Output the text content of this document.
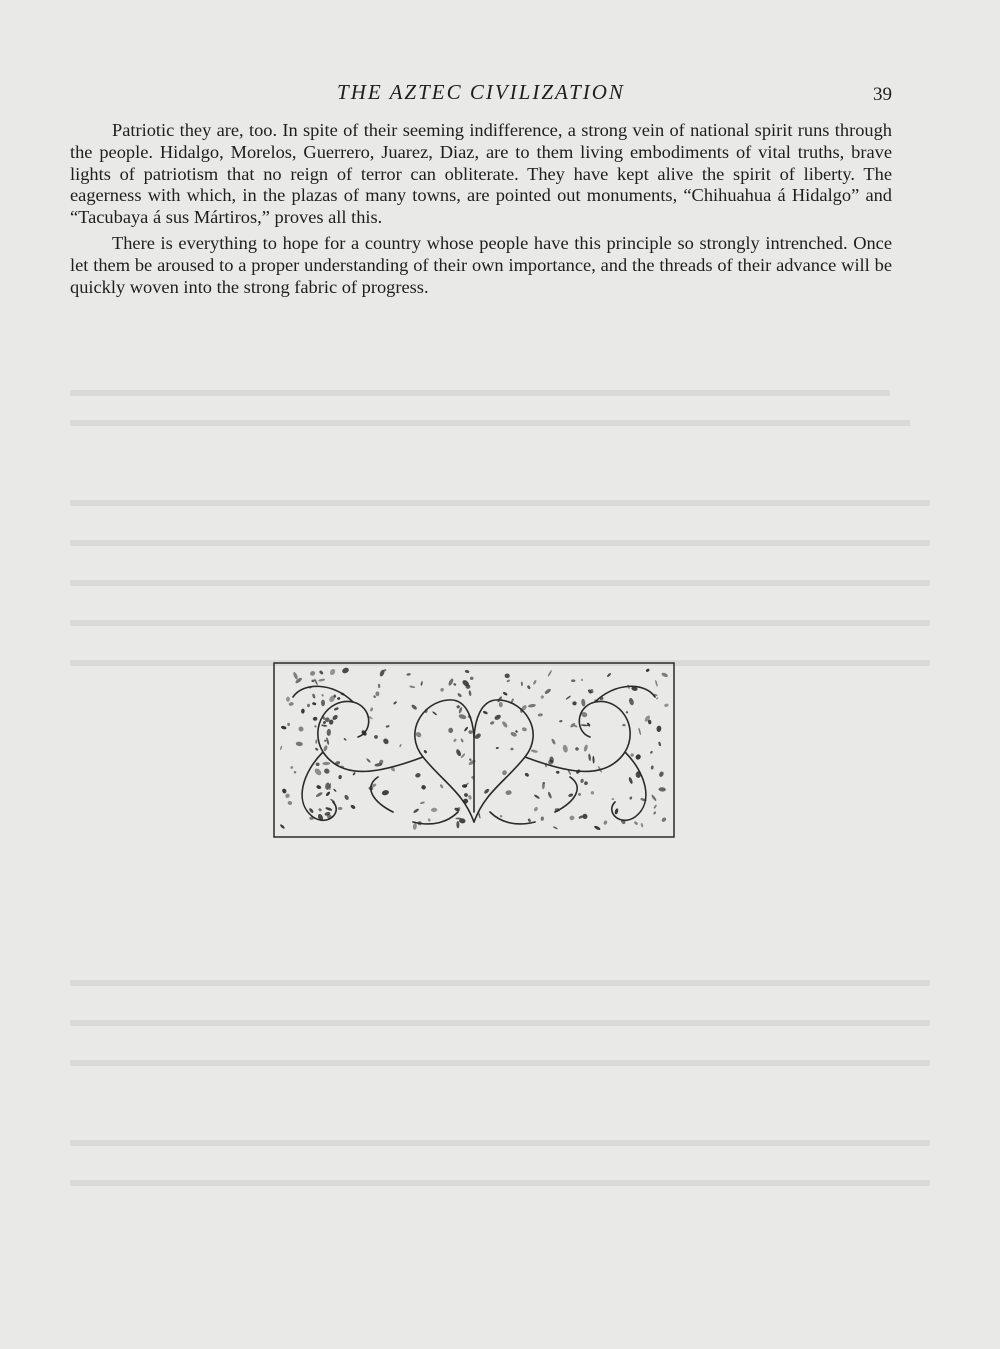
THE AZTEC CIVILIZATION	39

Patriotic they are, too. In spite of their seeming indifference, a strong vein of national spirit runs through the people. Hidalgo, Morelos, Guerrero, Juarez, Diaz, are to them living embodiments of vital truths, brave lights of patriotism that no reign of terror can obliterate. They have kept alive the spirit of liberty. The eagerness with which, in the plazas of many towns, are pointed out monuments, “Chihuahua á Hidalgo” and “Tacubaya á sus Mártiros,” proves all this.

There is everything to hope for a country whose people have this principle so strongly intrenched. Once let them be aroused to a proper understanding of their own importance, and the threads of their advance will be quickly woven into the strong fabric of progress.
